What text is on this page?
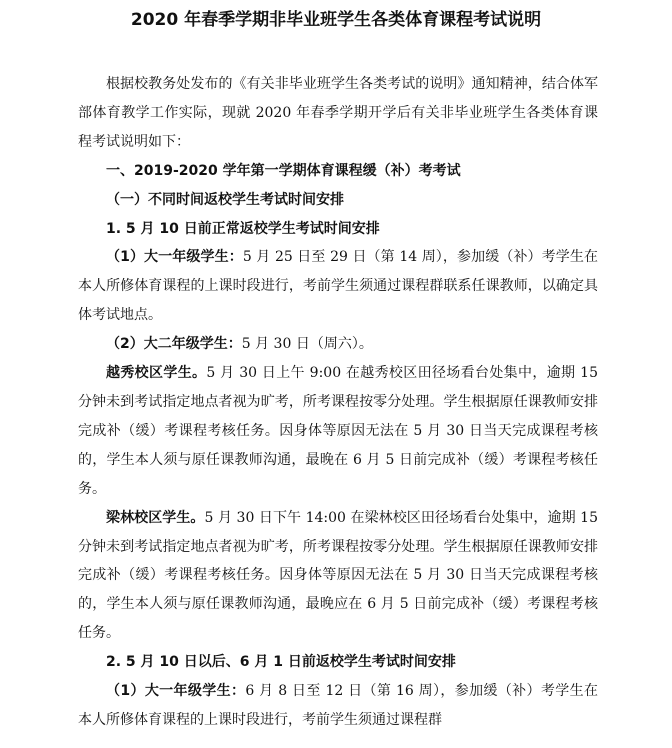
2020 年春季学期非毕业班学生各类体育课程考试说明

根据校教务处发布的《有关非毕业班学生各类考试的说明》通知精神，结合体军部体育教学工作实际，现就 2020 年春季学期开学后有关非毕业班学生各类体育课程考试说明如下：

一、2019-2020 学年第一学期体育课程缓（补）考考试

（一）不同时间返校学生考试时间安排

1. 5 月 10 日前正常返校学生考试时间安排

（1）大一年级学生：5 月 25 日至 29 日（第 14 周），参加缓（补）考学生在本人所修体育课程的上课时段进行，考前学生须通过课程群联系任课教师，以确定具体考试地点。

（2）大二年级学生：5 月 30 日（周六）。

越秀校区学生。5 月 30 日上午 9:00 在越秀校区田径场看台处集中，逾期 15 分钟未到考试指定地点者视为旷考，所考课程按零分处理。学生根据原任课教师安排完成补（缓）考课程考核任务。因身体等原因无法在 5 月 30 日当天完成课程考核的，学生本人须与原任课教师沟通，最晚在 6 月 5 日前完成补（缓）考课程考核任务。

梁林校区学生。5 月 30 日下午 14:00 在梁林校区田径场看台处集中，逾期 15 分钟未到考试指定地点者视为旷考，所考课程按零分处理。学生根据原任课教师安排完成补（缓）考课程考核任务。因身体等原因无法在 5 月 30 日当天完成课程考核的，学生本人须与原任课教师沟通，最晚应在 6 月 5 日前完成补（缓）考课程考核任务。

2. 5 月 10 日以后、6 月 1 日前返校学生考试时间安排

（1）大一年级学生：6 月 8 日至 12 日（第 16 周），参加缓（补）考学生在本人所修体育课程的上课时段进行，考前学生须通过课程群
